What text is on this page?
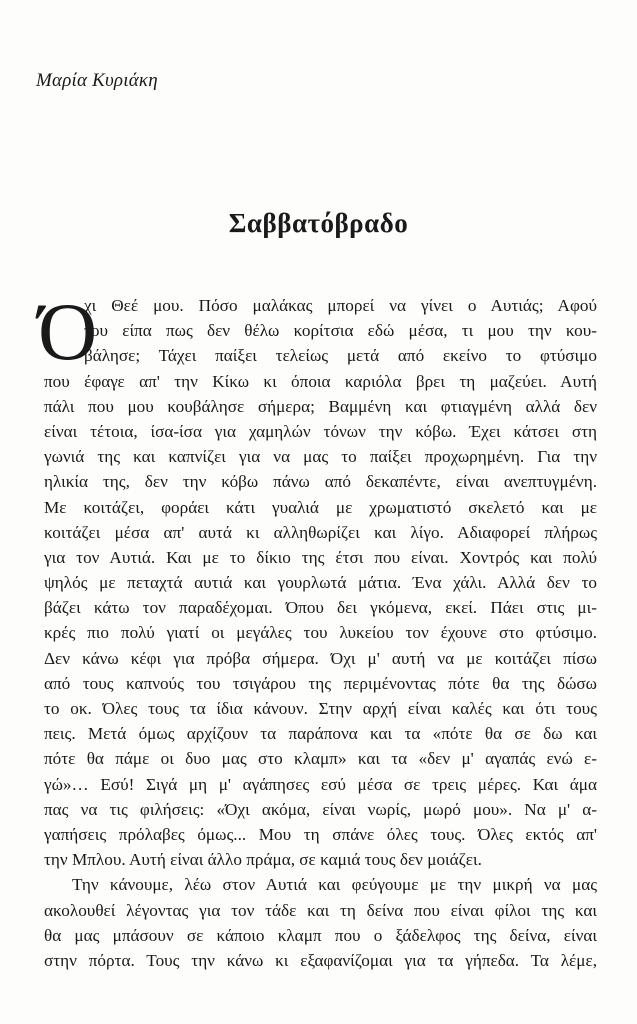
Μαρία Κυριάκη
Σαββατόβραδο
Ό
χι Θεέ μου. Πόσο μαλάκας μπορεί να γίνει ο Αυτιάς; Αφού
του είπα πως δεν θέλω κορίτσια εδώ μέσα, τι μου την κου-
βάλησε; Τάχει παίξει τελείως μετά από εκείνο το φτύσιμο
που έφαγε απ' την Κίκω κι όποια καριόλα βρει τη μαζεύει. Αυτή
πάλι που μου κουβάλησε σήμερα; Βαμμένη και φτιαγμένη αλλά δεν
είναι τέτοια, ίσα-ίσα για χαμηλών τόνων την κόβω. Έχει κάτσει στη
γωνιά της και καπνίζει για να μας το παίξει προχωρημένη. Για την
ηλικία της, δεν την κόβω πάνω από δεκαπέντε, είναι ανεπτυγμένη.
Με κοιτάζει, φοράει κάτι γυαλιά με χρωματιστό σκελετό και με
κοιτάζει μέσα απ' αυτά κι αλληθωρίζει και λίγο. Αδιαφορεί πλήρως
για τον Αυτιά. Και με το δίκιο της έτσι που είναι. Χοντρός και πολύ
ψηλός με πεταχτά αυτιά και γουρλωτά μάτια. Ένα χάλι. Αλλά δεν το
βάζει κάτω τον παραδέχομαι. Όπου δει γκόμενα, εκεί. Πάει στις μι-
κρές πιο πολύ γιατί οι μεγάλες του λυκείου τον έχουνε στο φτύσιμο.
Δεν κάνω κέφι για πρόβα σήμερα. Όχι μ' αυτή να με κοιτάζει πίσω
από τους καπνούς του τσιγάρου της περιμένοντας πότε θα της δώσω
το οκ. Όλες τους τα ίδια κάνουν. Στην αρχή είναι καλές και ότι τους
πεις. Μετά όμως αρχίζουν τα παράπονα και τα «πότε θα σε δω και
πότε θα πάμε οι δυο μας στο κλαμπ» και τα «δεν μ' αγαπάς ενώ ε-
γώ»… Εσύ! Σιγά μη μ' αγάπησες εσύ μέσα σε τρεις μέρες. Και άμα
πας να τις φιλήσεις: «Όχι ακόμα, είναι νωρίς, μωρό μου». Να μ' α-
γαπήσεις πρόλαβες όμως... Μου τη σπάνε όλες τους. Όλες εκτός απ'
την Μπλου. Αυτή είναι άλλο πράμα, σε καμιά τους δεν μοιάζει.
Την κάνουμε, λέω στον Αυτιά και φεύγουμε με την μικρή να μας
ακολουθεί λέγοντας για τον τάδε και τη δείνα που είναι φίλοι της και
θα μας μπάσουν σε κάποιο κλαμπ που ο ξάδελφος της δείνα, είναι
στην πόρτα. Τους την κάνω κι εξαφανίζομαι για τα γήπεδα. Τα λέμε,
